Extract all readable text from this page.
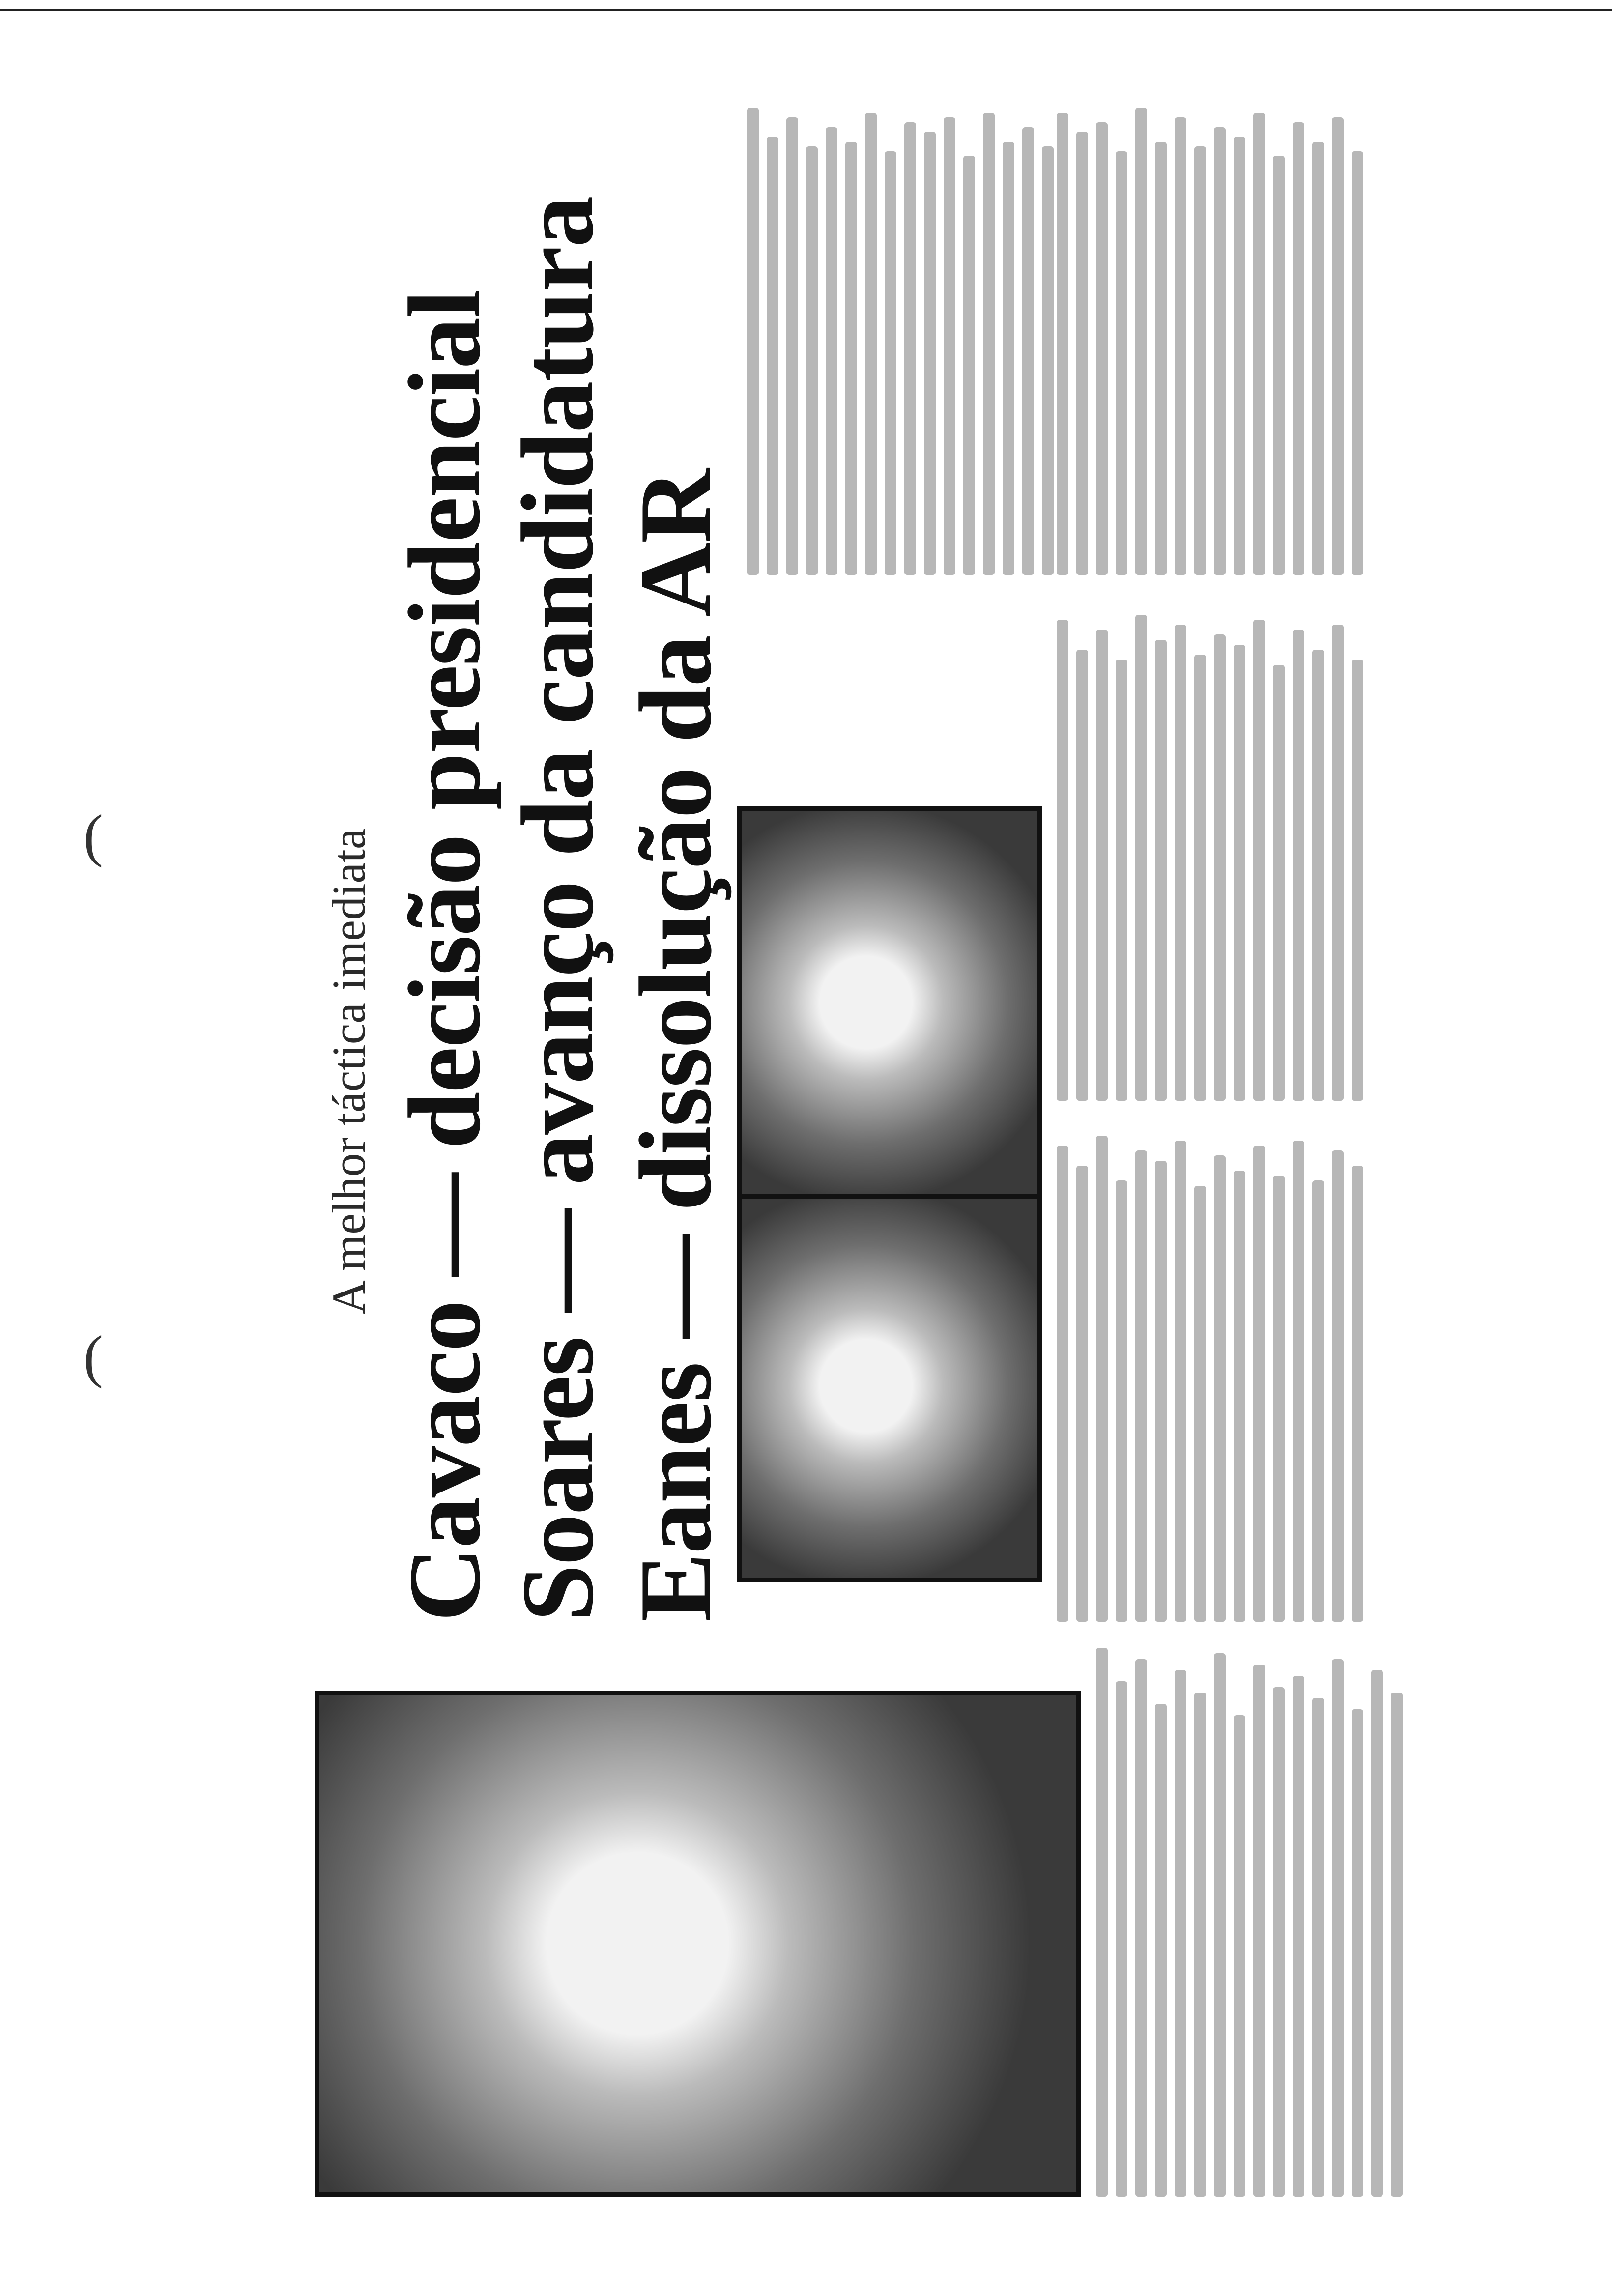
(
(
A melhor táctica imediata Cavaco — decisão presidencial
Soares — avanço da candidatura Eanes — dissolução da AR
